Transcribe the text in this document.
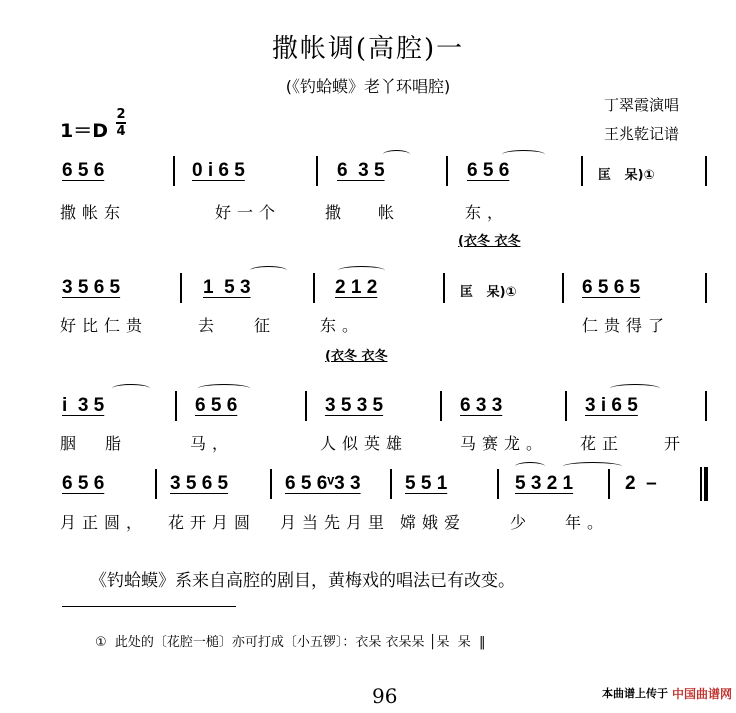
撒帐调(高腔)一
(《钓蛤蟆》老丫环唱腔)
1＝D
2
4
丁翠霞演唱
王兆乾记谱
6 5 6	0 i 6 5	6  3 5	6 5 6	匡   呆)①
撒帐东	好一个	撒 帐	东，
(衣冬 衣冬
3 5 6 5	1  5 3	2 1 2	匡   呆)①	6 5 6 5
好比仁贵	去 征	东。	仁贵得了
(衣冬 衣冬
i  3 5	6 5 6	3 5 3 5	6 3 3	3 i 6 5
胭 脂	马，	人似英雄	马赛龙。 花正 开
6 5 6	3 5 6 5	6 5 6ᵛ3 3 5 5 1	5 3 2 1	2  –
月正圆， 花开月圆 月当先月里 嫦娥爱	少 年。
《钓蛤蟆》系来自高腔的剧目，黄梅戏的唱法已有改变。
①  此处的〔花腔一槌〕亦可打成〔小五锣〕：衣呆 衣呆呆 │呆  呆  ‖
96	本曲谱上传于 中国曲谱网
